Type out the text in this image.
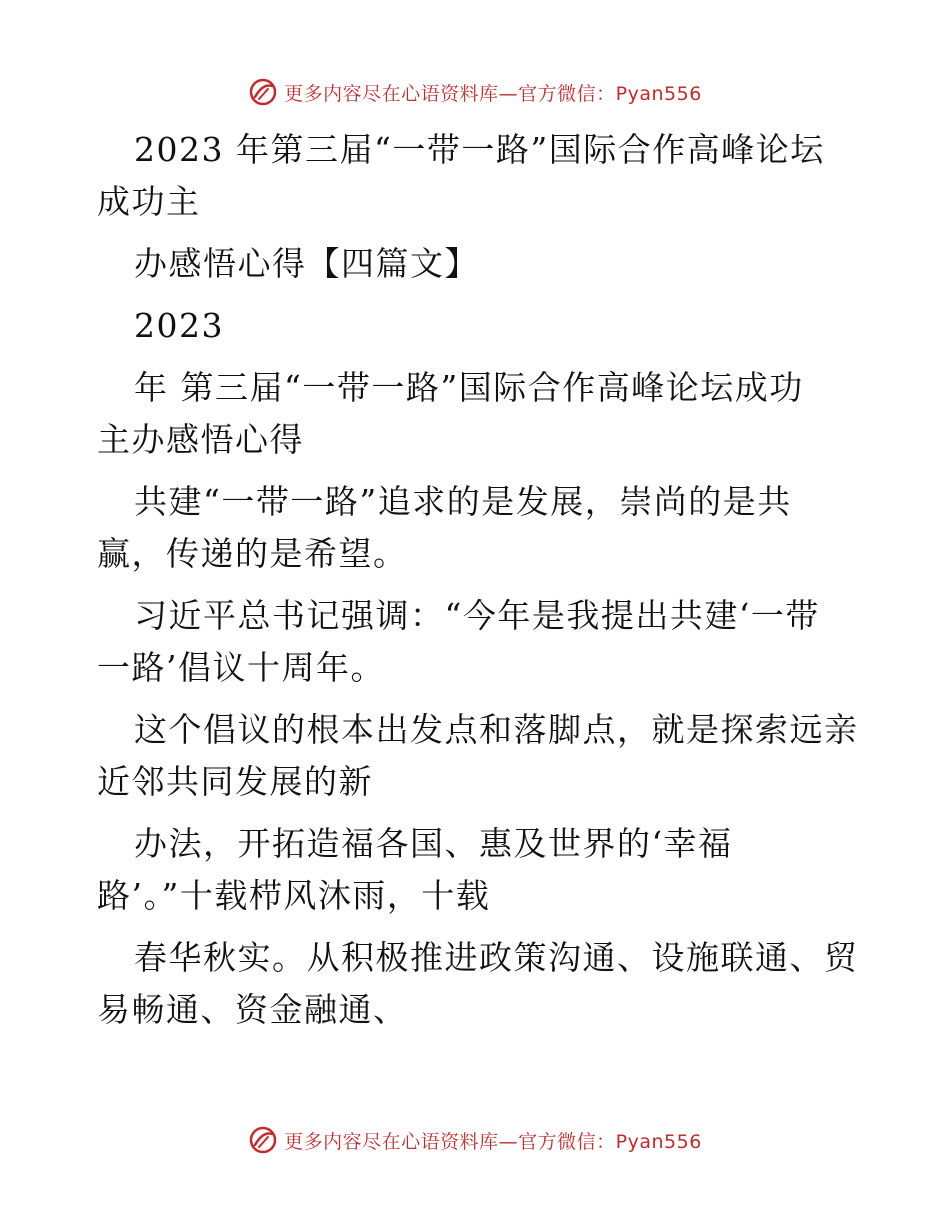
更多内容尽在心语资料库—官方微信：Pyan556
2023 年第三届“一带一路”国际合作高峰论坛
成功主
办感悟心得【四篇文】
2023
年 第三届“一带一路”国际合作高峰论坛成功
主办感悟心得
共建“一带一路”追求的是发展，崇尚的是共
赢，传递的是希望。
习近平总书记强调：“今年是我提出共建‘一带
一路’倡议十周年。
这个倡议的根本出发点和落脚点，就是探索远亲
近邻共同发展的新
办法，开拓造福各国、惠及世界的‘幸福
路’。”十载栉风沐雨，十载
春华秋实。从积极推进政策沟通、设施联通、贸
易畅通、资金融通、
更多内容尽在心语资料库—官方微信：Pyan556
